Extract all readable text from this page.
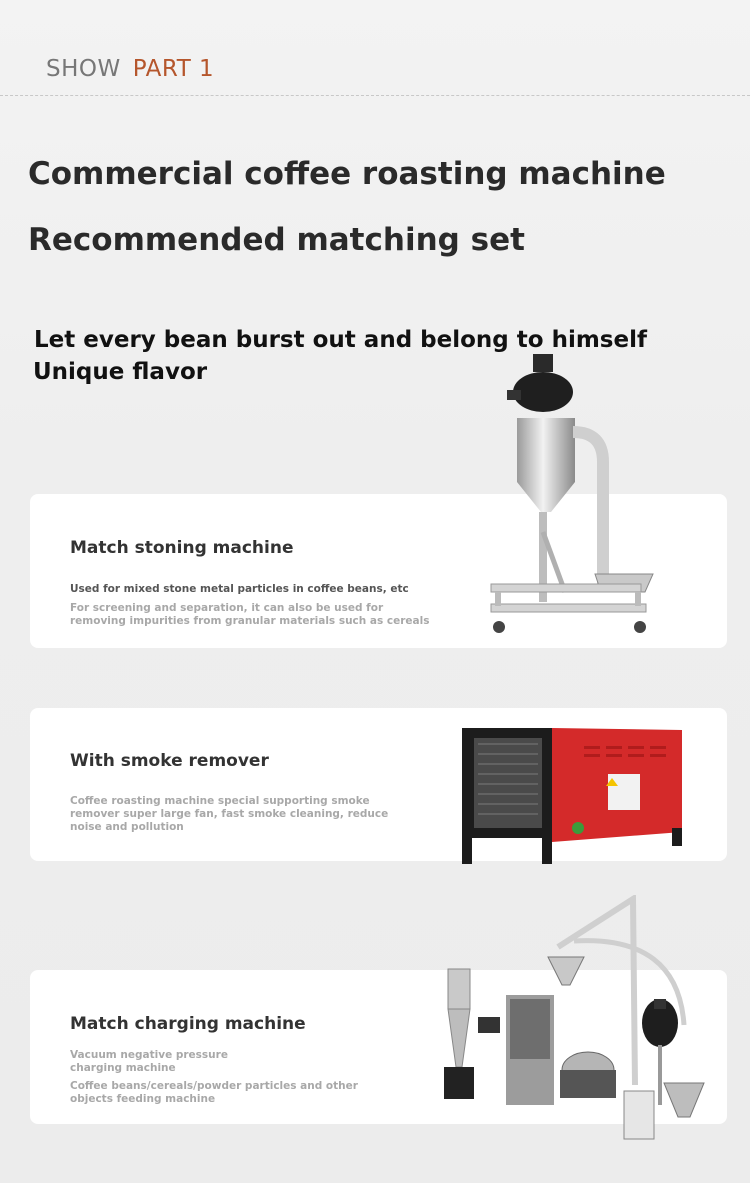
SHOW PART 1
Commercial coffee roasting machine
Recommended matching set
Let every bean burst out and belong to himself
Unique flavor
Match stoning machine
Used for mixed stone metal particles in coffee beans, etc
For screening and separation, it can also be used for removing impurities from granular materials such as cereals
With smoke remover
Coffee roasting machine special supporting smoke remover super large fan, fast smoke cleaning, reduce noise and pollution
Match charging machine
Vacuum negative pressure charging machine
Coffee beans/cereals/powder particles and other objects feeding machine
